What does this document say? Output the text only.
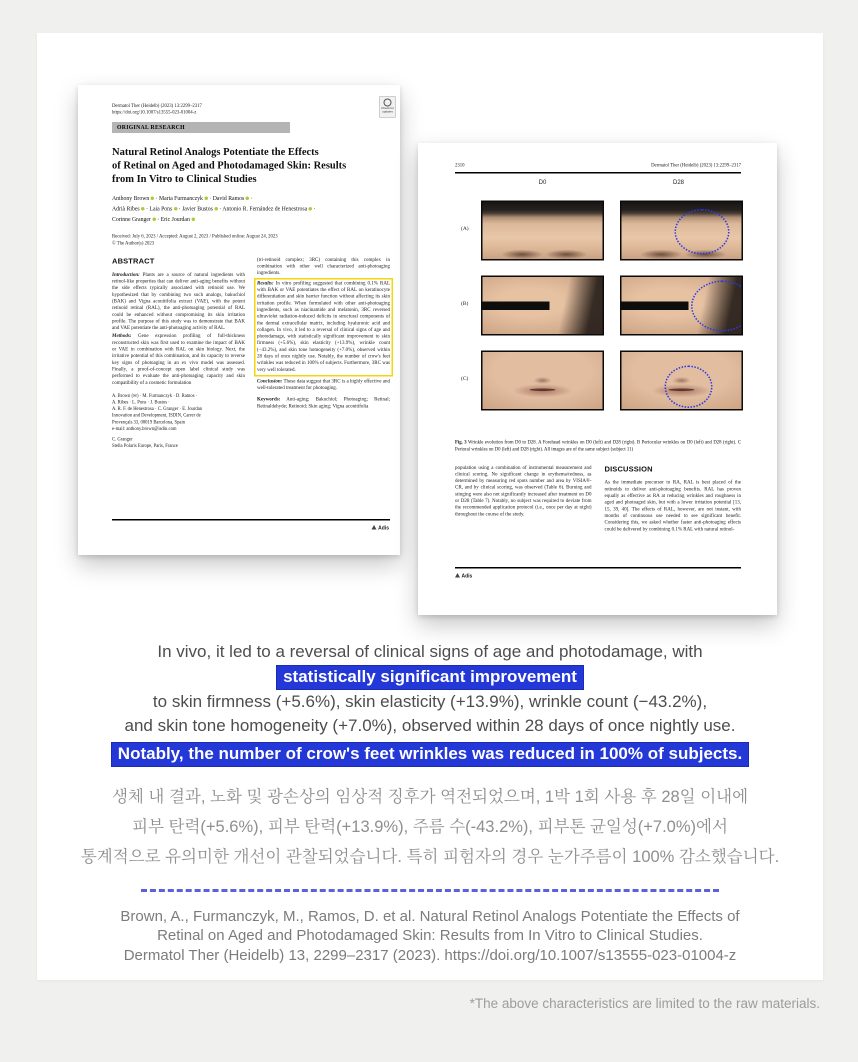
Dermatol Ther (Heidelb) (2023) 13:2299–2317
https://doi.org/10.1007/s13555-023-01004-z
Check for updates
ORIGINAL RESEARCH
Natural Retinol Analogs Potentiate the Effects
of Retinal on Aged and Photodamaged Skin: Results
from In Vitro to Clinical Studies
Anthony Brown · Marta Furmanczyk · David Ramos ·
Adrià Ribes · Laia Pons · Javier Bustos · Antonio R. Fernández de Henestrosa ·
Corinne Granger · Eric Jourdan
Received: July 6, 2023 / Accepted: August 2, 2023 / Published online: August 24, 2023
© The Author(s) 2023
ABSTRACT

Introduction: Plants are a source of natural ingredients with retinol-like properties that can deliver anti-aging benefits without the side effects typically associated with retinoid use. We hypothesized that by combining two such analogs, bakuchiol (BAK) and Vigna aconitifolia extract (VAE), with the potent retinoid retinal (RAL), the anti-photoaging potential of RAL could be enhanced without compromising its skin irritation profile. The purpose of this study was to demonstrate that BAK and VAE potentiate the anti-photoaging activity of RAL.

Methods: Gene expression profiling of full-thickness reconstructed skin was first used to examine the impact of BAK or VAE in combination with RAL on skin biology. Next, the irritative potential of this combination, and its capacity to reverse key signs of photoaging in an ex vivo model was assessed. Finally, a proof-of-concept open label clinical study was performed to evaluate the anti-photoaging capacity and skin compatibility of a cosmetic formulation

A. Brown (✉) · M. Furmanczyk · D. Ramos ·
A. Ribes · L. Pons · J. Bustos ·
A. R. F. de Henestrosa · C. Granger · E. Jourdan
Innovation and Development, ISDIN, Carrer de
Provençals 33, 08019 Barcelona, Spain
e-mail: anthony.brown@isdin.com
C. Granger
Stella Polaris Europe, Paris, France

(tri-retinoid complex; 3RC) containing this complex in combination with other well characterized anti-photoaging ingredients.

Results: In vitro profiling suggested that combining 0.1% RAL with BAK or VAE potentiates the effect of RAL on keratinocyte differentiation and skin barrier function without affecting its skin irritation profile. When formulated with other anti-photoaging ingredients, such as niacinamide and melatonin, 3RC reversed ultraviolet radiation-induced deficits in structural components of the dermal extracellular matrix, including hyaluronic acid and collagen. In vivo, it led to a reversal of clinical signs of age and photodamage, with statistically significant improvement to skin firmness (+5.6%), skin elasticity (+13.9%), wrinkle count (−43.2%), and skin tone homogeneity (+7.0%), observed within 28 days of once nightly use. Notably, the number of crow's feet wrinkles was reduced in 100% of subjects. Furthermore, 3RC was very well tolerated.

Conclusion: These data suggest that 3RC is a highly effective and well-tolerated treatment for photoaging.

Keywords: Anti-aging; Bakuchiol; Photoaging; Retinal; Retinaldehyde; Retinoid; Skin aging; Vigna aconitifolia

Adis
2310	Dermatol Ther (Heidelb) (2023) 13:2299–2317
D0	D28
(A)
(B)
(C)
Fig. 3 Wrinkle evolution from D0 to D28. A Forehead wrinkles on D0 (left) and D28 (right). B Periocular wrinkles on D0 (left) and D28 (right). C Perioral wrinkles on D0 (left) and D28 (right). All images are of the same subject (subject 11)
population using a combination of instrumental measurement and clinical scoring. No significant change in erythema/redness, as determined by measuring red spots number and area by VISIA®-CR, and by clinical scoring, was observed (Table 6). Burning and stinging were also not significantly increased after treatment on D0 or D28 (Table 7). Notably, no subject was required to deviate from the recommended application protocol (i.e., once per day at night) throughout the course of the study.
DISCUSSION
As the immediate precursor to RA, RAL is best placed of the retinoids to deliver anti-photoaging benefits. RAL has proven equally as effective as RA at reducing wrinkles and roughness in aged and photoaged skin, but with a lower irritation potential [13, 15, 39, 40]. The effects of RAL, however, are not instant, with months of continuous use needed to see significant benefit. Considering this, we asked whether faster anti-photoaging effects could be delivered by combining 0.1% RAL with natural retinol-
Adis
In vivo, it led to a reversal of clinical signs of age and photodamage, with statistically significant improvement
to skin firmness (+5.6%), skin elasticity (+13.9%), wrinkle count (−43.2%),
and skin tone homogeneity (+7.0%), observed within 28 days of once nightly use.
Notably, the number of crow's feet wrinkles was reduced in 100% of subjects.
생체 내 결과, 노화 및 광손상의 임상적 징후가 역전되었으며, 1박 1회 사용 후 28일 이내에
피부 탄력(+5.6%), 피부 탄력(+13.9%), 주름 수(-43.2%), 피부톤 균일성(+7.0%)에서
통계적으로 유의미한 개선이 관찰되었습니다. 특히 피험자의 경우 눈가주름이 100% 감소했습니다.
Brown, A., Furmanczyk, M., Ramos, D. et al. Natural Retinol Analogs Potentiate the Effects of
Retinal on Aged and Photodamaged Skin: Results from In Vitro to Clinical Studies.
Dermatol Ther (Heidelb) 13, 2299–2317 (2023). https://doi.org/10.1007/s13555-023-01004-z
*The above characteristics are limited to the raw materials.
